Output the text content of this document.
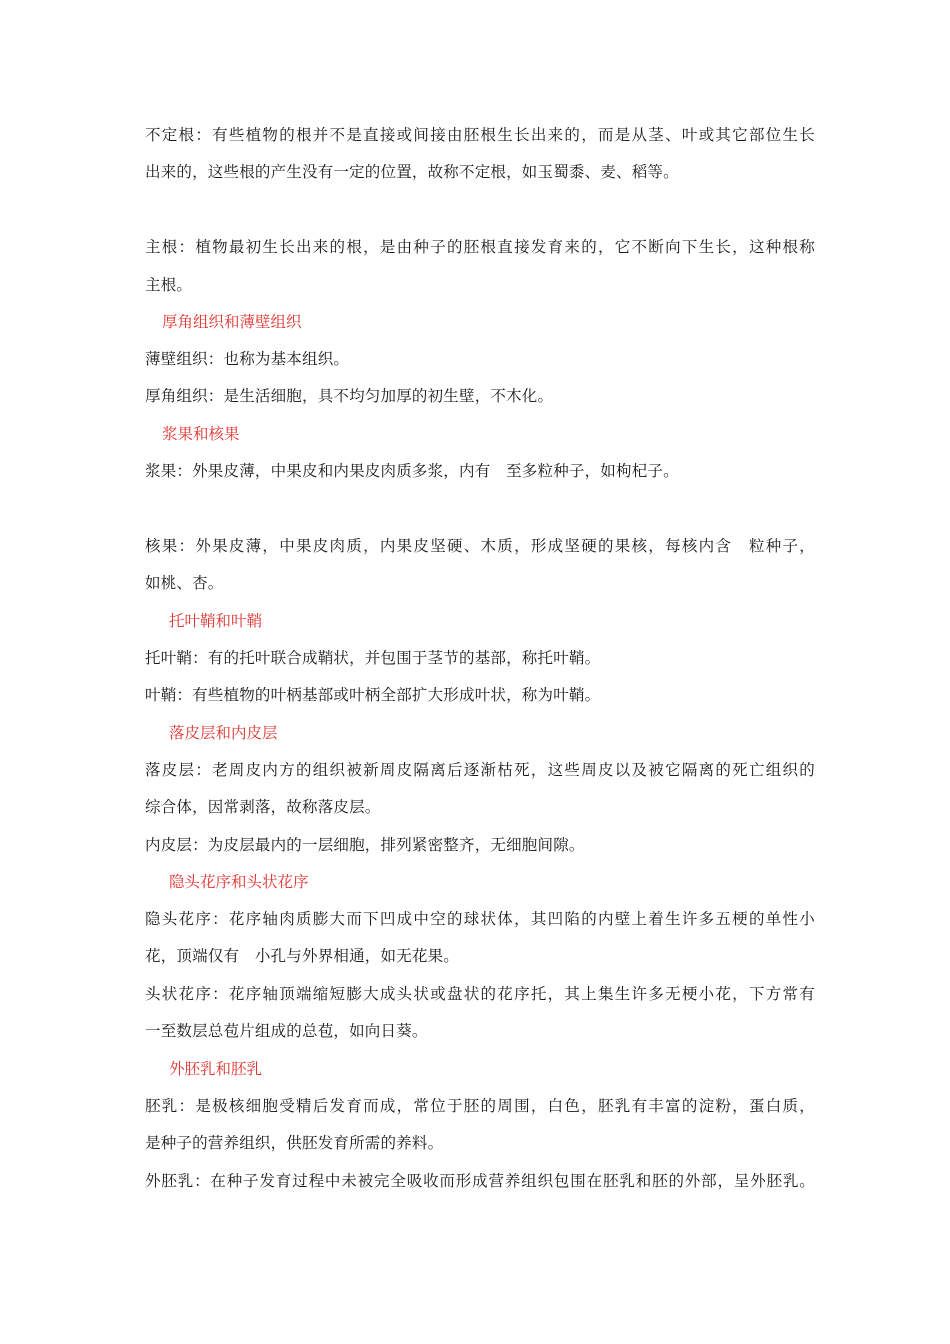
不定根：有些植物的根并不是直接或间接由胚根生长出来的，而是从茎、叶或其它部位生长
出来的，这些根的产生没有一定的位置，故称不定根，如玉蜀黍、麦、稻等。
主根：植物最初生长出来的根，是由种子的胚根直接发育来的，它不断向下生长，这种根称
主根。
厚角组织和薄壁组织
薄壁组织：也称为基本组织。
厚角组织：是生活细胞，具不均匀加厚的初生壁，不木化。
浆果和核果
浆果：外果皮薄，中果皮和内果皮肉质多浆，内有　至多粒种子，如枸杞子。
核果：外果皮薄，中果皮肉质，内果皮坚硬、木质，形成坚硬的果核，每核内含　粒种子，
如桃、杏。
托叶鞘和叶鞘
托叶鞘：有的托叶联合成鞘状，并包围于茎节的基部，称托叶鞘。
叶鞘：有些植物的叶柄基部或叶柄全部扩大形成叶状，称为叶鞘。
落皮层和内皮层
落皮层：老周皮内方的组织被新周皮隔离后逐渐枯死，这些周皮以及被它隔离的死亡组织的
综合体，因常剥落，故称落皮层。
内皮层：为皮层最内的一层细胞，排列紧密整齐，无细胞间隙。
隐头花序和头状花序
隐头花序：花序轴肉质膨大而下凹成中空的球状体，其凹陷的内壁上着生许多五梗的单性小
花，顶端仅有　小孔与外界相通，如无花果。
头状花序：花序轴顶端缩短膨大成头状或盘状的花序托，其上集生许多无梗小花，下方常有
一至数层总苞片组成的总苞，如向日葵。
外胚乳和胚乳
胚乳：是极核细胞受精后发育而成，常位于胚的周围，白色，胚乳有丰富的淀粉，蛋白质，
是种子的营养组织，供胚发育所需的养料。
外胚乳：在种子发育过程中未被完全吸收而形成营养组织包围在胚乳和胚的外部，呈外胚乳。
